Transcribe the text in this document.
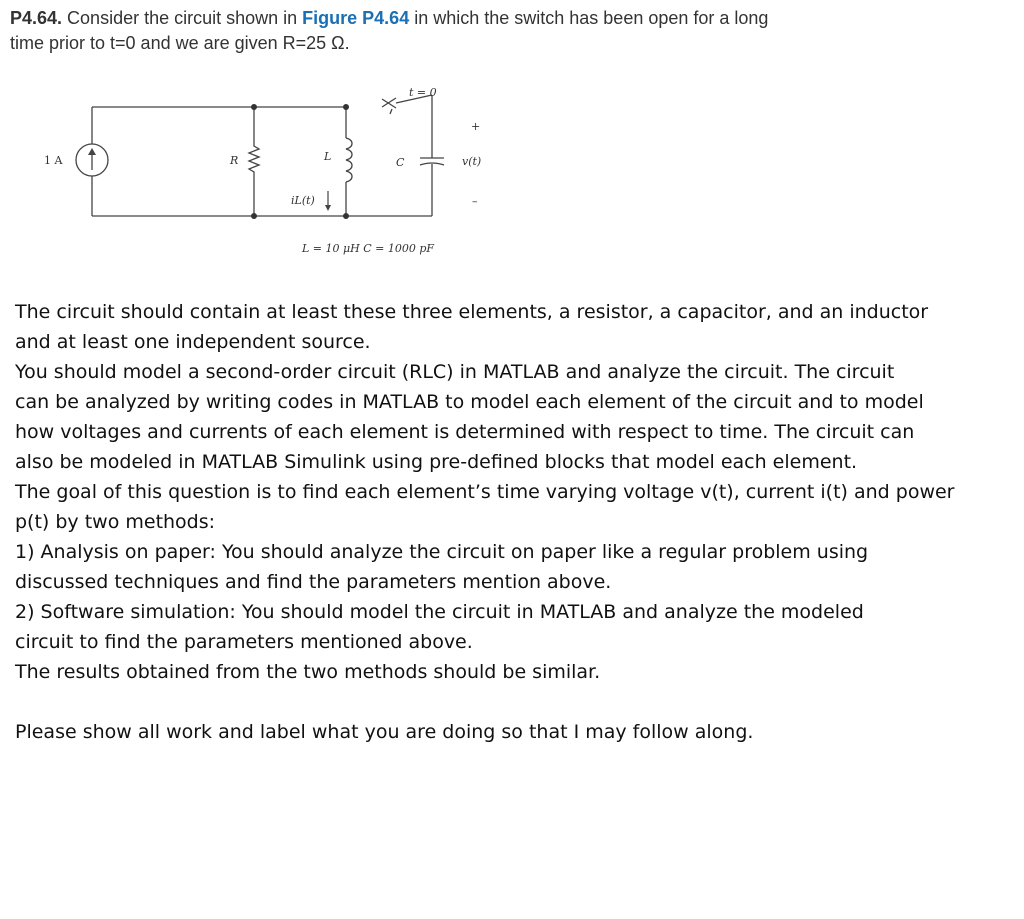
P4.64. Consider the circuit shown in Figure P4.64 in which the switch has been open for a long
time prior to t=0 and we are given R=25 Ω.
1 A	R	L	C
t = 0
iL(t)
v(t)
+
–
L = 10 μH C = 1000 pF

The circuit should contain at least these three elements, a resistor, a capacitor, and an inductor

and at least one independent source.

You should model a second-order circuit (RLC) in MATLAB and analyze the circuit. The circuit

can be analyzed by writing codes in MATLAB to model each element of the circuit and to model

how voltages and currents of each element is determined with respect to time. The circuit can

also be modeled in MATLAB Simulink using pre-defined blocks that model each element.

The goal of this question is to find each element’s time varying voltage v(t), current i(t) and power

p(t) by two methods:

1) Analysis on paper: You should analyze the circuit on paper like a regular problem using

discussed techniques and find the parameters mention above.

2) Software simulation: You should model the circuit in MATLAB and analyze the modeled

circuit to find the parameters mentioned above.

The results obtained from the two methods should be similar.

Please show all work and label what you are doing so that I may follow along.
